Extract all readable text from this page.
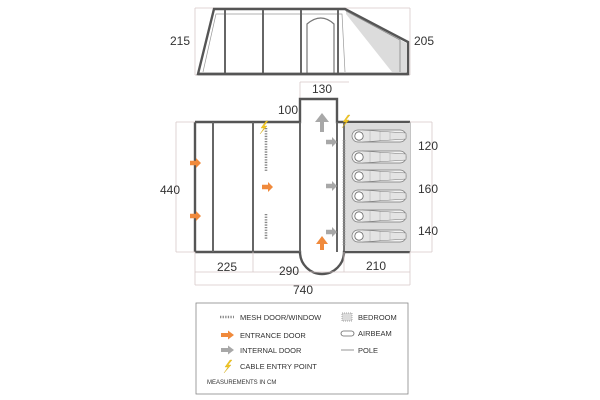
215	205
130
100
440
120
160
140
225	290	210
740
MESH DOOR/WINDOW
ENTRANCE DOOR
INTERNAL DOOR
CABLE ENTRY POINT
BEDROOM
AIRBEAM
POLE
MEASUREMENTS IN CM
